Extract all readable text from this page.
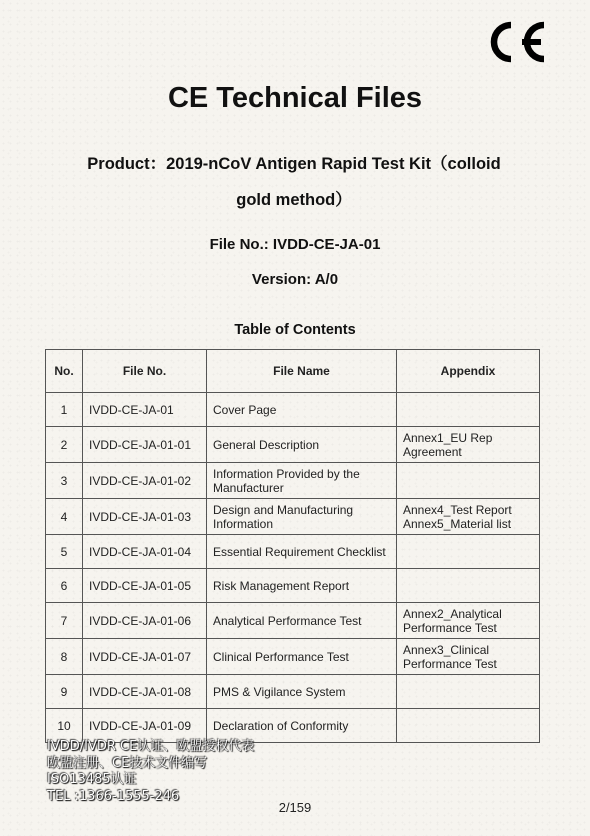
CE Technical Files
Product：2019-nCoV Antigen Rapid Test Kit（colloid
gold method）
File No.: IVDD-CE-JA-01
Version: A/0
Table of Contents
No.	File No.	File Name	Appendix
1	IVDD-CE-JA-01	Cover Page	
2	IVDD-CE-JA-01-01	General Description	Annex1_EU Rep
Agreement
3	IVDD-CE-JA-01-02	Information Provided by the
Manufacturer	
4	IVDD-CE-JA-01-03	Design and Manufacturing
Information	Annex4_Test Report
Annex5_Material list
5	IVDD-CE-JA-01-04	Essential Requirement Checklist	
6	IVDD-CE-JA-01-05	Risk Management Report	
7	IVDD-CE-JA-01-06	Analytical Performance Test	Annex2_Analytical
Performance Test
8	IVDD-CE-JA-01-07	Clinical Performance Test	Annex3_Clinical
Performance Test
9	IVDD-CE-JA-01-08	PMS & Vigilance System	
10	IVDD-CE-JA-01-09	Declaration of Conformity	
IVDD/IVDR CE认证、欧盟授权代表
欧盟注册、CE技术文件编写
ISO13485认证
TEL :1366-1555-246
2/159
